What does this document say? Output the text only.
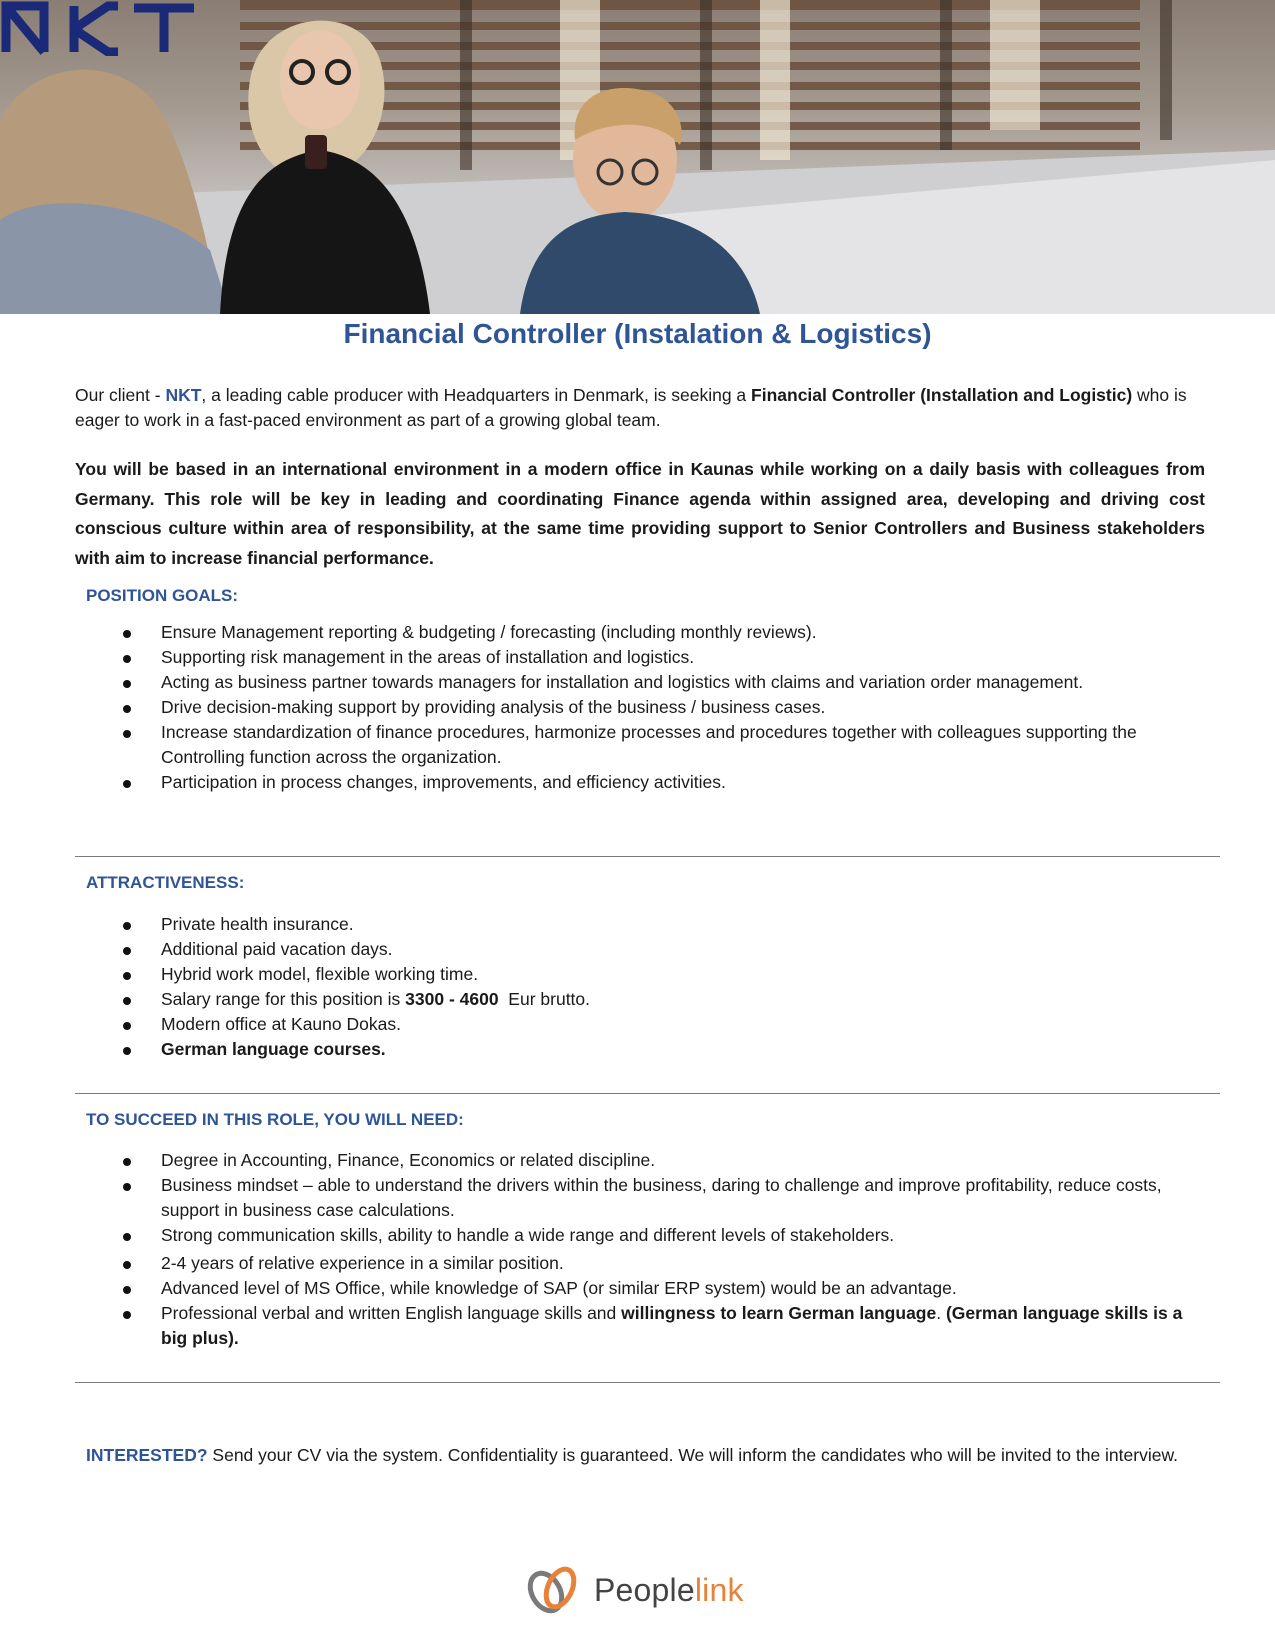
Financial Controller (Instalation & Logistics)

Our client - NKT, a leading cable producer with Headquarters in Denmark, is seeking a Financial Controller (Installation and Logistic) who is eager to work in a fast-paced environment as part of a growing global team.

You will be based in an international environment in a modern office in Kaunas while working on a daily basis with colleagues from Germany. This role will be key in leading and coordinating Finance agenda within assigned area, developing and driving cost conscious culture within area of responsibility, at the same time providing support to Senior Controllers and Business stakeholders with aim to increase financial performance.

POSITION GOALS:
Ensure Management reporting & budgeting / forecasting (including monthly reviews).
Supporting risk management in the areas of installation and logistics.
Acting as business partner towards managers for installation and logistics with claims and variation order management.
Drive decision-making support by providing analysis of the business / business cases.
Increase standardization of finance procedures, harmonize processes and procedures together with colleagues supporting the Controlling function across the organization.
Participation in process changes, improvements, and efficiency activities.
ATTRACTIVENESS:
Private health insurance.
Additional paid vacation days.
Hybrid work model, flexible working time.
Salary range for this position is 3300 - 4600  Eur brutto.
Modern office at Kauno Dokas.
German language courses.
TO SUCCEED IN THIS ROLE, YOU WILL NEED:
Degree in Accounting, Finance, Economics or related discipline.
Business mindset – able to understand the drivers within the business, daring to challenge and improve profitability, reduce costs, support in business case calculations.
Strong communication skills, ability to handle a wide range and different levels of stakeholders.
2-4 years of relative experience in a similar position.
Advanced level of MS Office, while knowledge of SAP (or similar ERP system) would be an advantage.
Professional verbal and written English language skills and willingness to learn German language. (German language skills is a big plus).
INTERESTED? Send your CV via the system. Confidentiality is guaranteed. We will inform the candidates who will be invited to the interview.
Peoplelink
